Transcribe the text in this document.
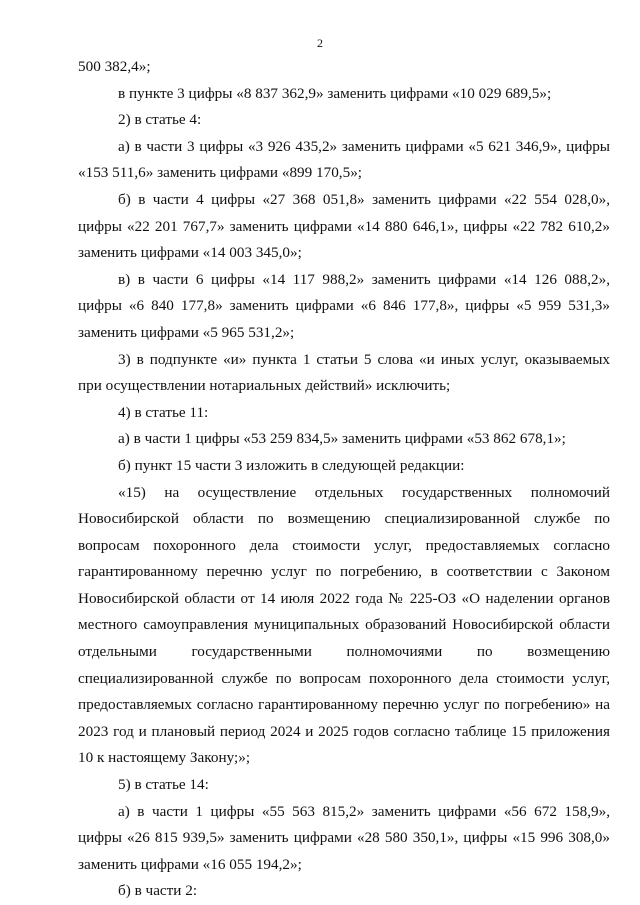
2

500 382,4»;

в пункте 3 цифры «8 837 362,9» заменить цифрами «10 029 689,5»;

2) в статье 4:

а) в части 3 цифры «3 926 435,2» заменить цифрами «5 621 346,9», цифры «153 511,6» заменить цифрами «899 170,5»;

б) в части 4 цифры «27 368 051,8» заменить цифрами «22 554 028,0», цифры «22 201 767,7» заменить цифрами «14 880 646,1», цифры «22 782 610,2» заменить цифрами «14 003 345,0»;

в) в части 6 цифры «14 117 988,2» заменить цифрами «14 126 088,2», цифры «6 840 177,8» заменить цифрами «6 846 177,8», цифры «5 959 531,3» заменить цифрами «5 965 531,2»;

3) в подпункте «и» пункта 1 статьи 5 слова «и иных услуг, оказываемых при осуществлении нотариальных действий» исключить;

4) в статье 11:

а) в части 1 цифры «53 259 834,5» заменить цифрами «53 862 678,1»;

б) пункт 15 части 3 изложить в следующей редакции:

«15) на осуществление отдельных государственных полномочий Новосибирской области по возмещению специализированной службе по вопросам похоронного дела стоимости услуг, предоставляемых согласно гарантированному перечню услуг по погребению, в соответствии с Законом Новосибирской области от 14 июля 2022 года № 225-ОЗ «О наделении органов местного самоуправления муниципальных образований Новосибирской области отдельными государственными полномочиями по возмещению специализированной службе по вопросам похоронного дела стоимости услуг, предоставляемых согласно гарантированному перечню услуг по погребению» на 2023 год и плановый период 2024 и 2025 годов согласно таблице 15 приложения 10 к настоящему Закону;»;

5) в статье 14:

а) в части 1 цифры «55 563 815,2» заменить цифрами «56 672 158,9», цифры «26 815 939,5» заменить цифрами «28 580 350,1», цифры «15 996 308,0» заменить цифрами «16 055 194,2»;

б) в части 2:
